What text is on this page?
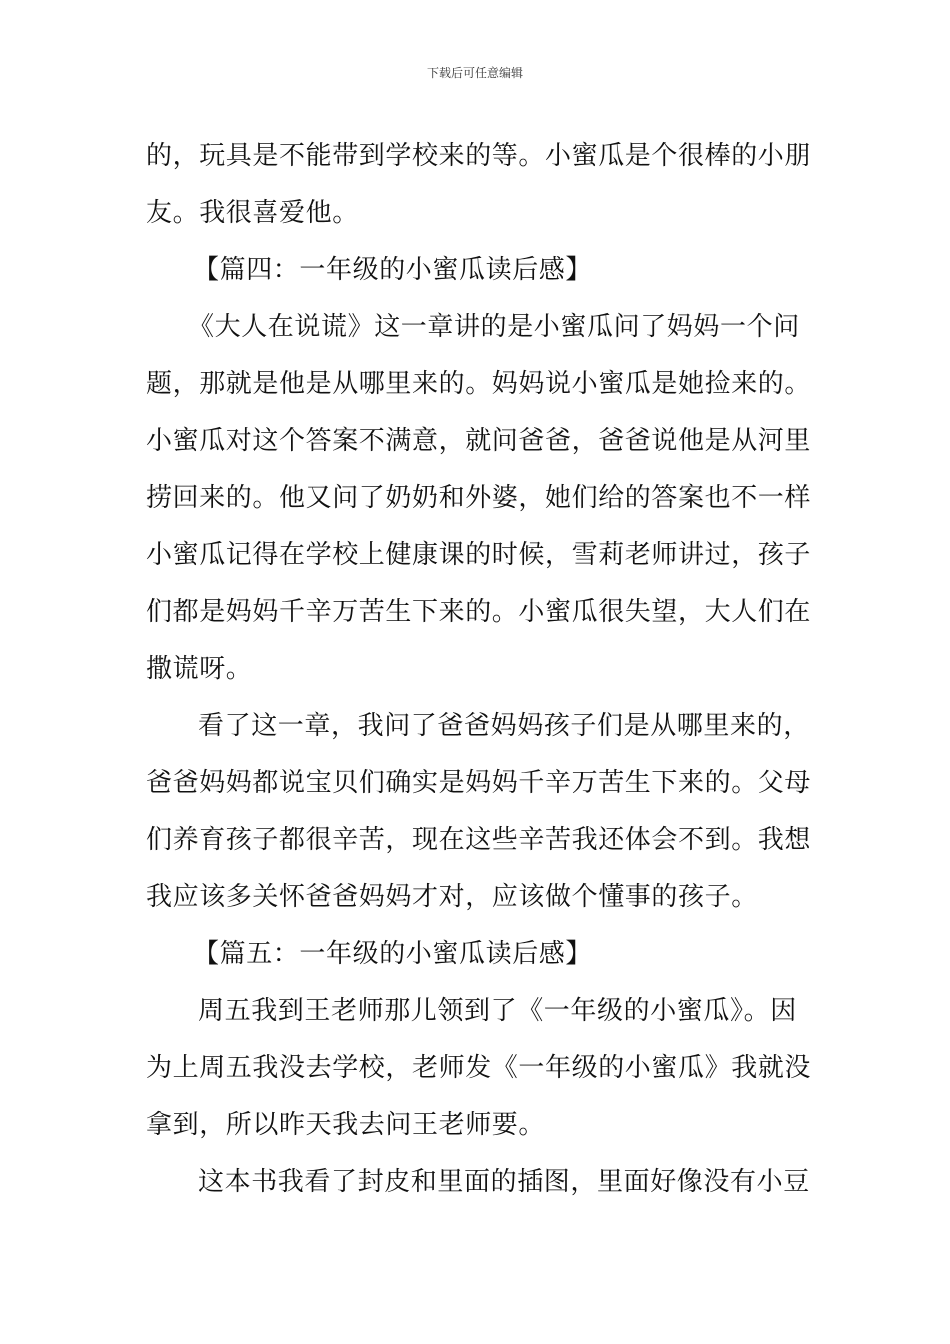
下载后可任意编辑
的，玩具是不能带到学校来的等。小蜜瓜是个很棒的小朋
友。我很喜爱他。
【篇四：一年级的小蜜瓜读后感】
《大人在说谎》这一章讲的是小蜜瓜问了妈妈一个问
题，那就是他是从哪里来的。妈妈说小蜜瓜是她捡来的。
小蜜瓜对这个答案不满意，就问爸爸，爸爸说他是从河里
捞回来的。他又问了奶奶和外婆，她们给的答案也不一样
小蜜瓜记得在学校上健康课的时候，雪莉老师讲过，孩子
们都是妈妈千辛万苦生下来的。小蜜瓜很失望，大人们在
撒谎呀。
看了这一章，我问了爸爸妈妈孩子们是从哪里来的，
爸爸妈妈都说宝贝们确实是妈妈千辛万苦生下来的。父母
们养育孩子都很辛苦，现在这些辛苦我还体会不到。我想
我应该多关怀爸爸妈妈才对，应该做个懂事的孩子。
【篇五：一年级的小蜜瓜读后感】
周五我到王老师那儿领到了《一年级的小蜜瓜》。因
为上周五我没去学校，老师发《一年级的小蜜瓜》我就没
拿到，所以昨天我去问王老师要。
这本书我看了封皮和里面的插图，里面好像没有小豆
